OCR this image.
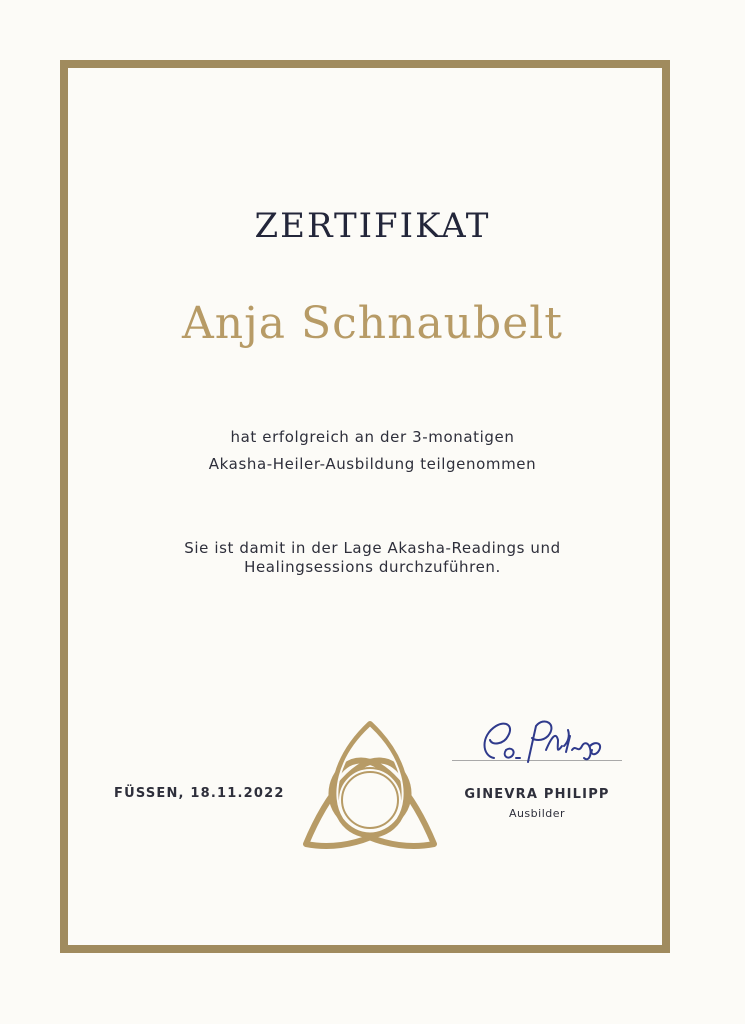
ZERTIFIKAT
Anja Schnaubelt
hat erfolgreich an der 3-monatigen
Akasha-Heiler-Ausbildung teilgenommen
Sie ist damit in der Lage Akasha-Readings und
Healingsessions durchzuführen.
FÜSSEN, 18.11.2022	GINEVRA PHILIPP
Ausbilder
